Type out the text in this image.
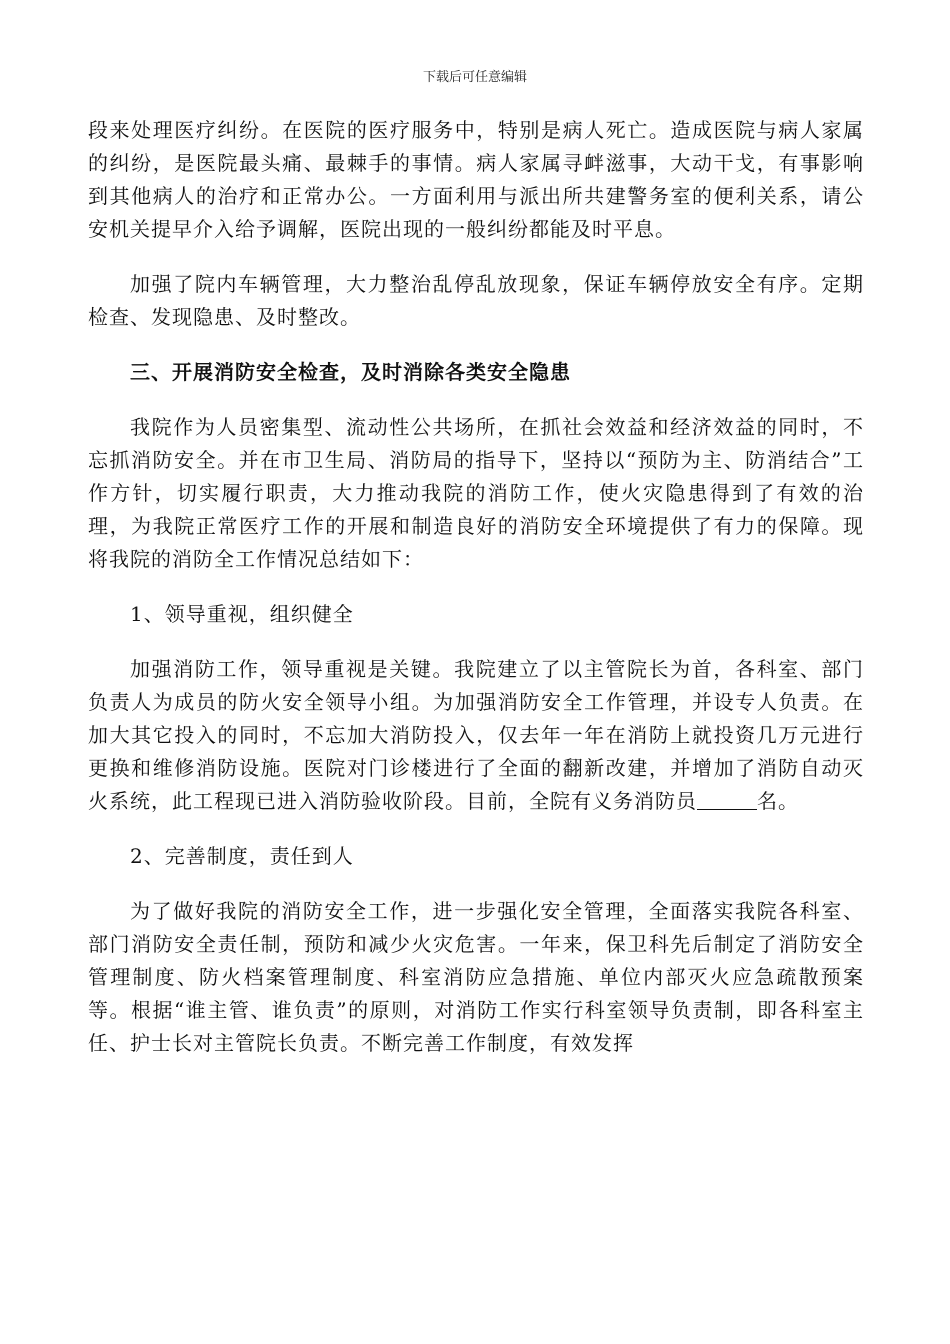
下载后可任意编辑

段来处理医疗纠纷。在医院的医疗服务中，特别是病人死亡。造成医院与病人家属的纠纷，是医院最头痛、最棘手的事情。病人家属寻衅滋事，大动干戈，有事影响到其他病人的治疗和正常办公。一方面利用与派出所共建警务室的便利关系，请公安机关提早介入给予调解，医院出现的一般纠纷都能及时平息。

加强了院内车辆管理，大力整治乱停乱放现象，保证车辆停放安全有序。定期检查、发现隐患、及时整改。

三、开展消防安全检查，及时消除各类安全隐患

我院作为人员密集型、流动性公共场所，在抓社会效益和经济效益的同时，不忘抓消防安全。并在市卫生局、消防局的指导下，坚持以“预防为主、防消结合”工作方针，切实履行职责，大力推动我院的消防工作，使火灾隐患得到了有效的治理，为我院正常医疗工作的开展和制造良好的消防安全环境提供了有力的保障。现将我院的消防全工作情况总结如下：

1、领导重视，组织健全

加强消防工作，领导重视是关键。我院建立了以主管院长为首，各科室、部门负责人为成员的防火安全领导小组。为加强消防安全工作管理，并设专人负责。在加大其它投入的同时，不忘加大消防投入，仅去年一年在消防上就投资几万元进行更换和维修消防设施。医院对门诊楼进行了全面的翻新改建，并增加了消防自动灭火系统，此工程现已进入消防验收阶段。目前，全院有义务消防员	名。

2、完善制度，责任到人

为了做好我院的消防安全工作，进一步强化安全管理，全面落实我院各科室、部门消防安全责任制，预防和减少火灾危害。一年来，保卫科先后制定了消防安全管理制度、防火档案管理制度、科室消防应急措施、单位内部灭火应急疏散预案等。根据“谁主管、谁负责”的原则，对消防工作实行科室领导负责制，即各科室主任、护士长对主管院长负责。不断完善工作制度，有效发挥
